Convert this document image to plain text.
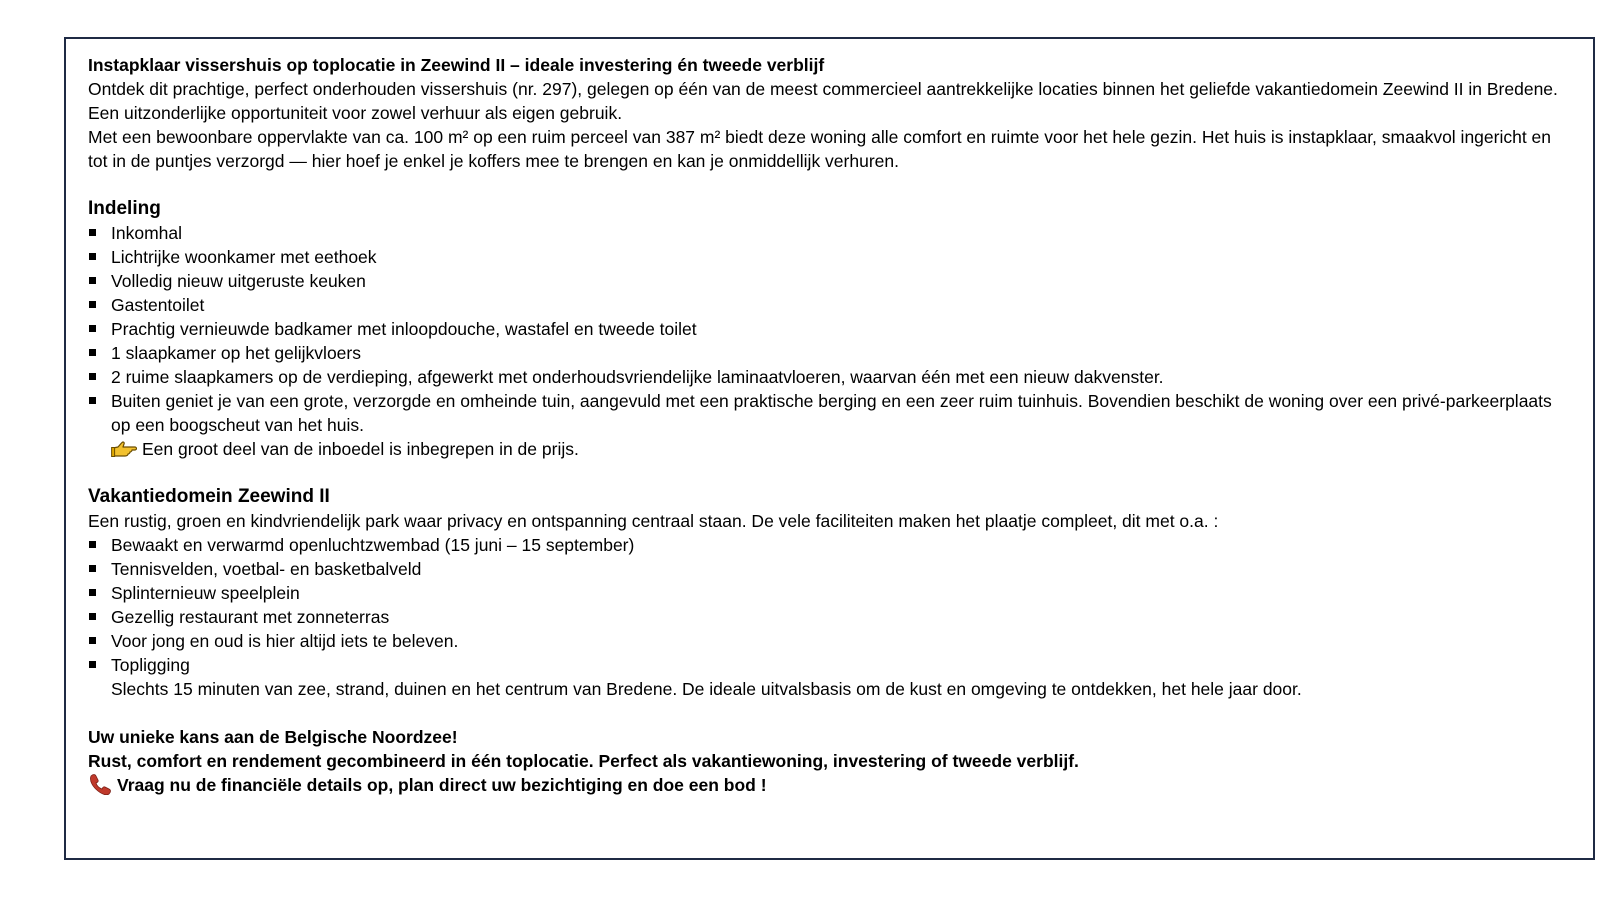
Instapklaar vissershuis op toplocatie in Zeewind II – ideale investering én tweede verblijf

Ontdek dit prachtige, perfect onderhouden vissershuis (nr. 297), gelegen op één van de meest commercieel aantrekkelijke locaties binnen het geliefde vakantiedomein Zeewind II in Bredene. Een uitzonderlijke opportuniteit voor zowel verhuur als eigen gebruik.

Met een bewoonbare oppervlakte van ca. 100 m² op een ruim perceel van 387 m² biedt deze woning alle comfort en ruimte voor het hele gezin. Het huis is instapklaar, smaakvol ingericht en tot in de puntjes verzorgd — hier hoef je enkel je koffers mee te brengen en kan je onmiddellijk verhuren.

Indeling

Inkomhal
Lichtrijke woonkamer met eethoek
Volledig nieuw uitgeruste keuken
Gastentoilet
Prachtig vernieuwde badkamer met inloopdouche, wastafel en tweede toilet
1 slaapkamer op het gelijkvloers
2 ruime slaapkamers op de verdieping, afgewerkt met onderhoudsvriendelijke laminaatvloeren, waarvan één met een nieuw dakvenster.
Buiten geniet je van een grote, verzorgde en omheinde tuin, aangevuld met een praktische berging en een zeer ruim tuinhuis. Bovendien beschikt de woning over een privé-parkeerplaats op een boogscheut van het huis.

Een groot deel van de inboedel is inbegrepen in de prijs.

Vakantiedomein Zeewind II

Een rustig, groen en kindvriendelijk park waar privacy en ontspanning centraal staan. De vele faciliteiten maken het plaatje compleet, dit met o.a. :

Bewaakt en verwarmd openluchtzwembad (15 juni – 15 september)
Tennisvelden, voetbal- en basketbalveld
Splinternieuw speelplein
Gezellig restaurant met zonneterras
Voor jong en oud is hier altijd iets te beleven.
Topligging

Slechts 15 minuten van zee, strand, duinen en het centrum van Bredene. De ideale uitvalsbasis om de kust en omgeving te ontdekken, het hele jaar door.

Uw unieke kans aan de Belgische Noordzee!

Rust, comfort en rendement gecombineerd in één toplocatie. Perfect als vakantiewoning, investering of tweede verblijf.

Vraag nu de financiële details op, plan direct uw bezichtiging en doe een bod !
